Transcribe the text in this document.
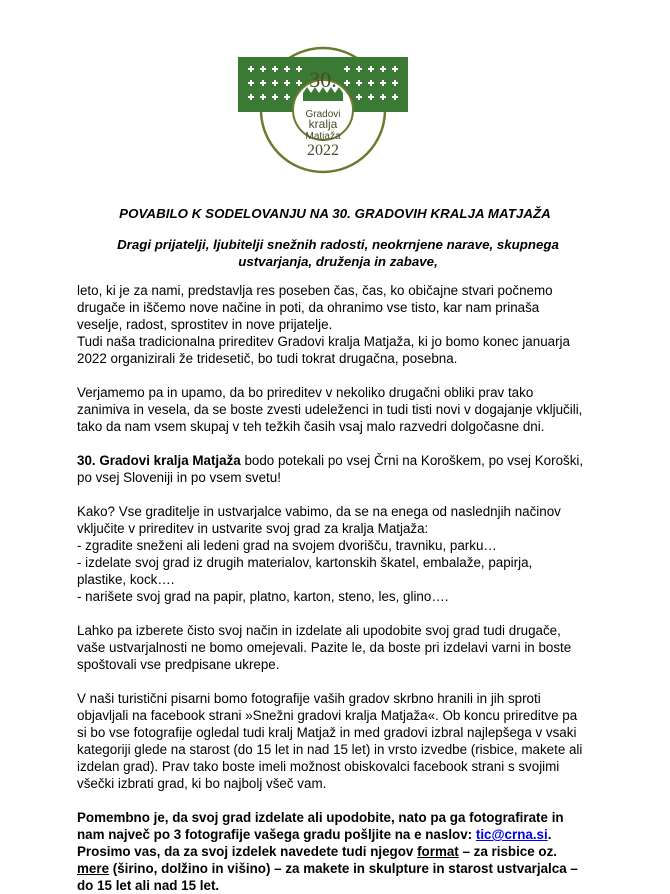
30.
Gradovi
kralja
Matjaža
2022
POVABILO K SODELOVANJU NA 30. GRADOVIH KRALJA MATJAŽA
Dragi prijatelji, ljubitelji snežnih radosti, neokrnjene narave, skupnega ustvarjanja, druženja in zabave,

leto, ki je za nami, predstavlja res poseben čas, čas, ko običajne stvari počnemo
drugače in iščemo nove načine in poti, da ohranimo vse tisto, kar nam prinaša
veselje, radost, sprostitev in nove prijatelje.
Tudi naša tradicionalna prireditev Gradovi kralja Matjaža, ki jo bomo konec januarja
2022 organizirali že tridesetič, bo tudi tokrat drugačna, posebna.

Verjamemo pa in upamo, da bo prireditev v nekoliko drugačni obliki prav tako
zanimiva in vesela, da se boste zvesti udeleženci in tudi tisti novi v dogajanje vključili,
tako da nam vsem skupaj v teh težkih časih vsaj malo razvedri dolgočasne dni.

30. Gradovi kralja Matjaža bodo potekali po vsej Črni na Koroškem, po vsej Koroški,
po vsej Sloveniji in po vsem svetu!

Kako? Vse graditelje in ustvarjalce vabimo, da se na enega od naslednjih načinov
vključite v prireditev in ustvarite svoj grad za kralja Matjaža:
- zgradite sneženi ali ledeni grad na svojem dvorišču, travniku, parku…
- izdelate svoj grad iz drugih materialov, kartonskih škatel, embalaže, papirja,
plastike, kock….
- narišete svoj grad na papir, platno, karton, steno, les, glino….

Lahko pa izberete čisto svoj način in izdelate ali upodobite svoj grad tudi drugače,
vaše ustvarjalnosti ne bomo omejevali. Pazite le, da boste pri izdelavi varni in boste
spoštovali vse predpisane ukrepe.

V naši turistični pisarni bomo fotografije vaših gradov skrbno hranili in jih sproti
objavljali na facebook strani »Snežni gradovi kralja Matjaža«. Ob koncu prireditve pa
si bo vse fotografije ogledal tudi kralj Matjaž in med gradovi izbral najlepšega v vsaki
kategoriji glede na starost (do 15 let in nad 15 let) in vrsto izvedbe (risbice, makete ali
izdelan grad). Prav tako boste imeli možnost obiskovalci facebook strani s svojimi
všečki izbrati grad, ki bo najbolj všeč vam.

Pomembno je, da svoj grad izdelate ali upodobite, nato pa ga fotografirate in
nam največ po 3 fotografije vašega gradu pošljite na e naslov: tic@crna.si.
Prosimo vas, da za svoj izdelek navedete tudi njegov format – za risbice oz.
mere (širino, dolžino in višino) – za makete in skulpture in starost ustvarjalca –
do 15 let ali nad 15 let.
